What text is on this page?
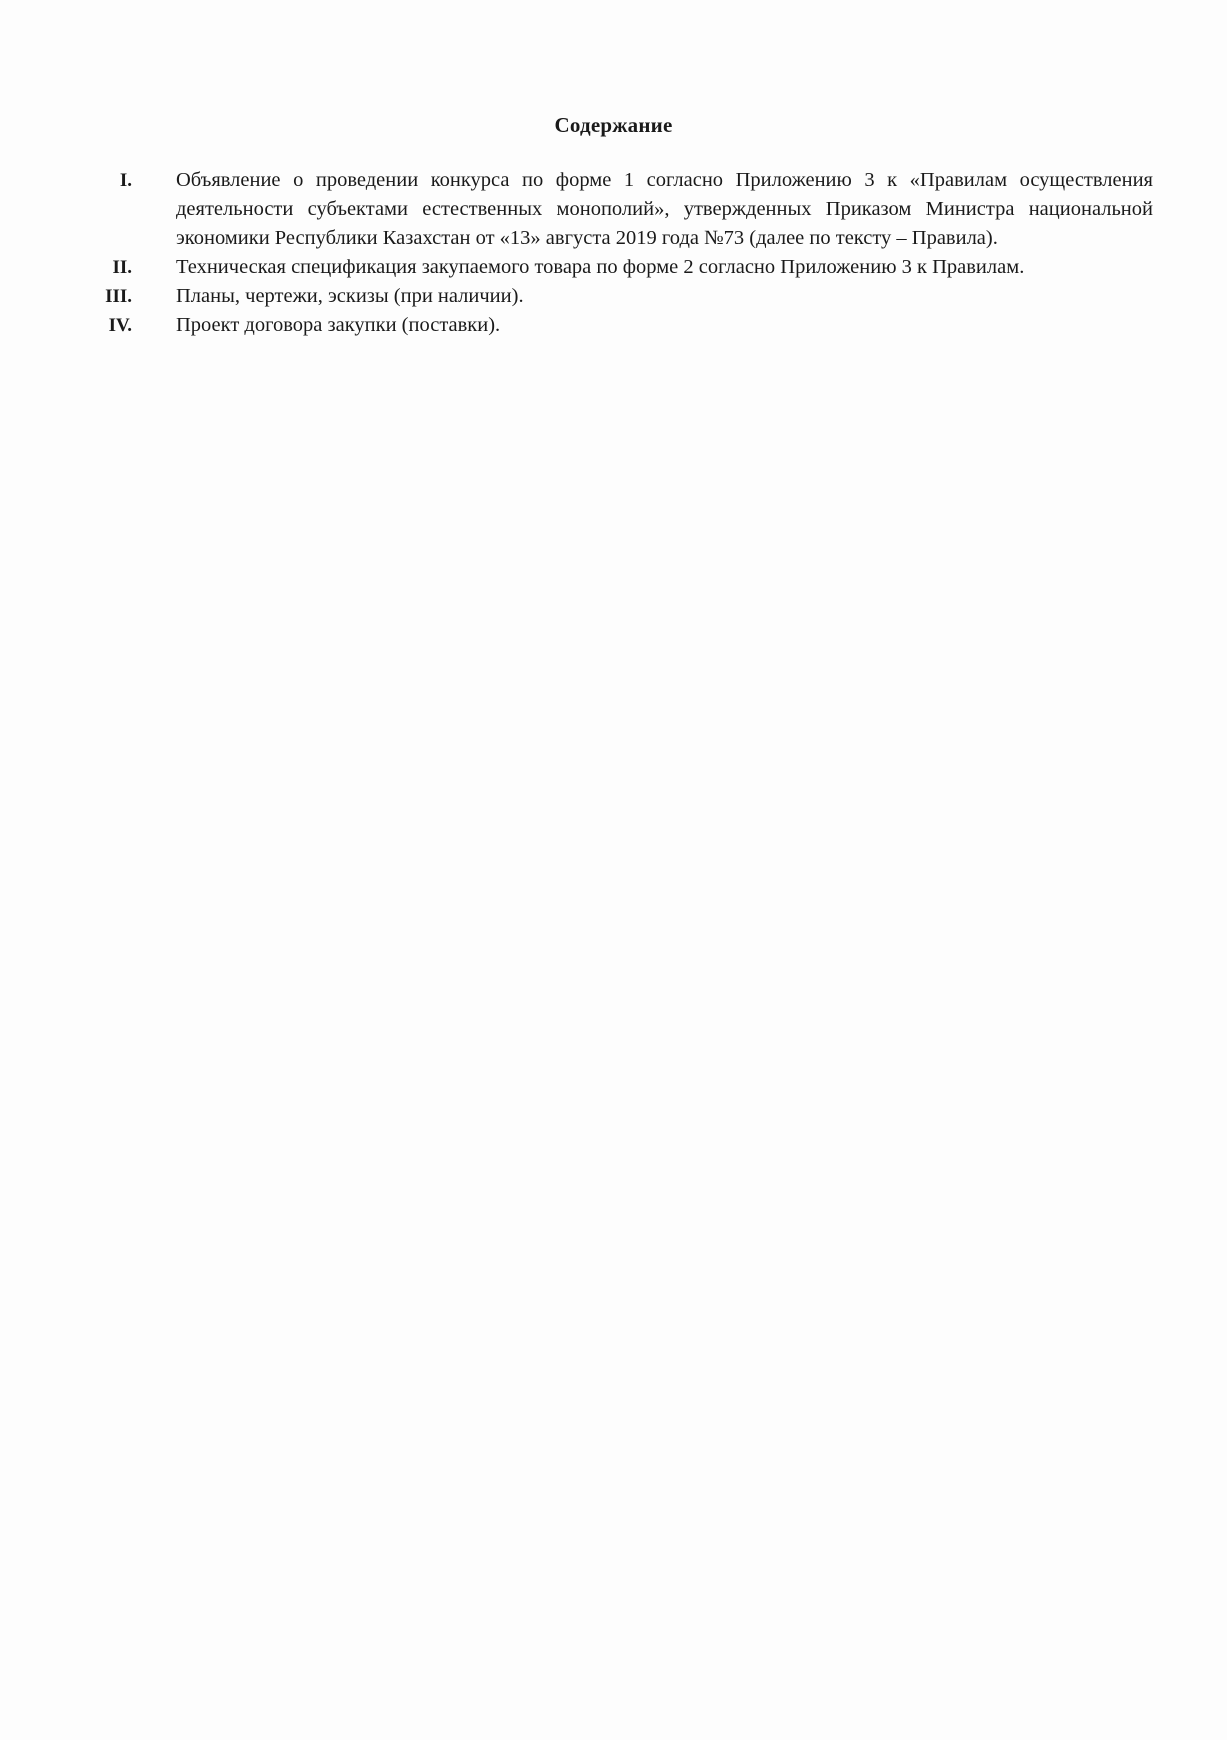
Содержание
I. Объявление о проведении конкурса по форме 1 согласно Приложению 3 к «Правилам осуществления деятельности субъектами естественных монополий», утвержденных Приказом Министра национальной экономики Республики Казахстан от «13» августа 2019 года №73 (далее по тексту – Правила).
II. Техническая спецификация закупаемого товара по форме 2 согласно Приложению 3 к Правилам.
III. Планы, чертежи, эскизы (при наличии).
IV. Проект договора закупки (поставки).
